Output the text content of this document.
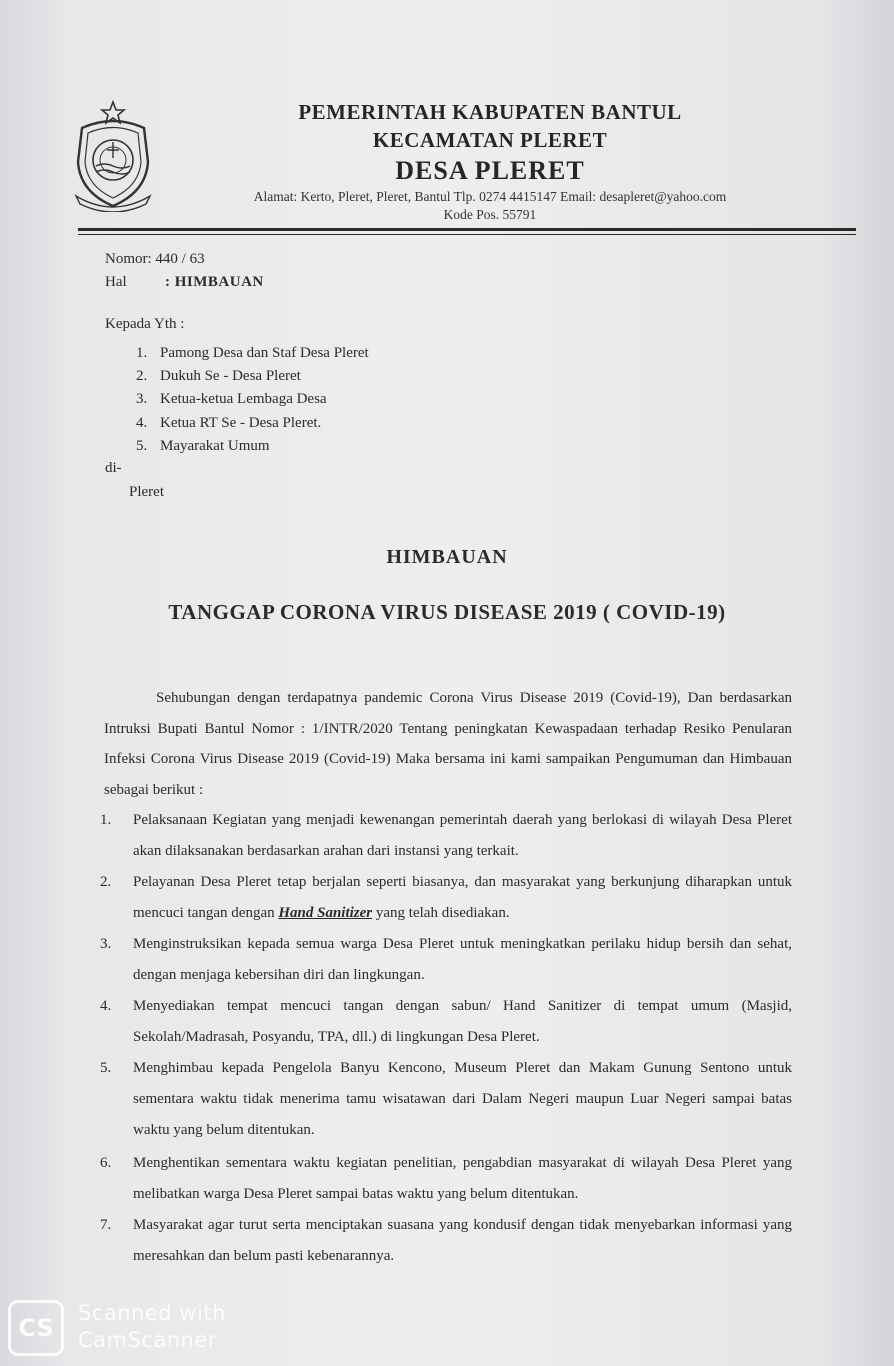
PEMERINTAH KABUPATEN BANTUL
KECAMATAN PLERET
DESA PLERET
Alamat: Kerto, Pleret, Pleret, Bantul Tlp. 0274 4415147 Email: desapleret@yahoo.com
Kode Pos. 55791
Nomor: 440 / 63
Hal	: HIMBAUAN
Kepada Yth :
1. Pamong Desa dan Staf Desa Pleret
2. Dukuh Se - Desa Pleret
3. Ketua-ketua Lembaga Desa
4. Ketua RT Se - Desa Pleret.
5. Mayarakat Umum
di-
Pleret
HIMBAUAN
TANGGAP CORONA VIRUS DISEASE 2019 ( COVID-19)

Sehubungan dengan terdapatnya pandemic Corona Virus Disease 2019 (Covid-19), Dan berdasarkan Intruksi Bupati Bantul Nomor : 1/INTR/2020 Tentang peningkatan Kewaspadaan terhadap Resiko Penularan Infeksi Corona Virus Disease 2019 (Covid-19) Maka bersama ini kami sampaikan Pengumuman dan Himbauan sebagai berikut :

1.	Pelaksanaan Kegiatan yang menjadi kewenangan pemerintah daerah yang berlokasi di wilayah Desa Pleret akan dilaksanakan berdasarkan arahan dari instansi yang terkait.
2.	Pelayanan Desa Pleret tetap berjalan seperti biasanya, dan masyarakat yang berkunjung diharapkan untuk mencuci tangan dengan Hand Sanitizer yang telah disediakan.
3.	Menginstruksikan kepada semua warga Desa Pleret untuk meningkatkan perilaku hidup bersih dan sehat, dengan menjaga kebersihan diri dan lingkungan.
4.	Menyediakan tempat mencuci tangan dengan sabun/ Hand Sanitizer di tempat umum (Masjid, Sekolah/Madrasah, Posyandu, TPA, dll.) di lingkungan Desa Pleret.
5.	Menghimbau kepada Pengelola Banyu Kencono, Museum Pleret dan Makam Gunung Sentono untuk sementara waktu tidak menerima tamu wisatawan dari Dalam Negeri maupun Luar Negeri sampai batas waktu yang belum ditentukan.
6.	Menghentikan sementara waktu kegiatan penelitian, pengabdian masyarakat di wilayah Desa Pleret yang melibatkan warga Desa Pleret sampai batas waktu yang belum ditentukan.
7.	Masyarakat agar turut serta menciptakan suasana yang kondusif dengan tidak menyebarkan informasi yang meresahkan dan belum pasti kebenarannya.
CS
Scanned with
CamScanner
